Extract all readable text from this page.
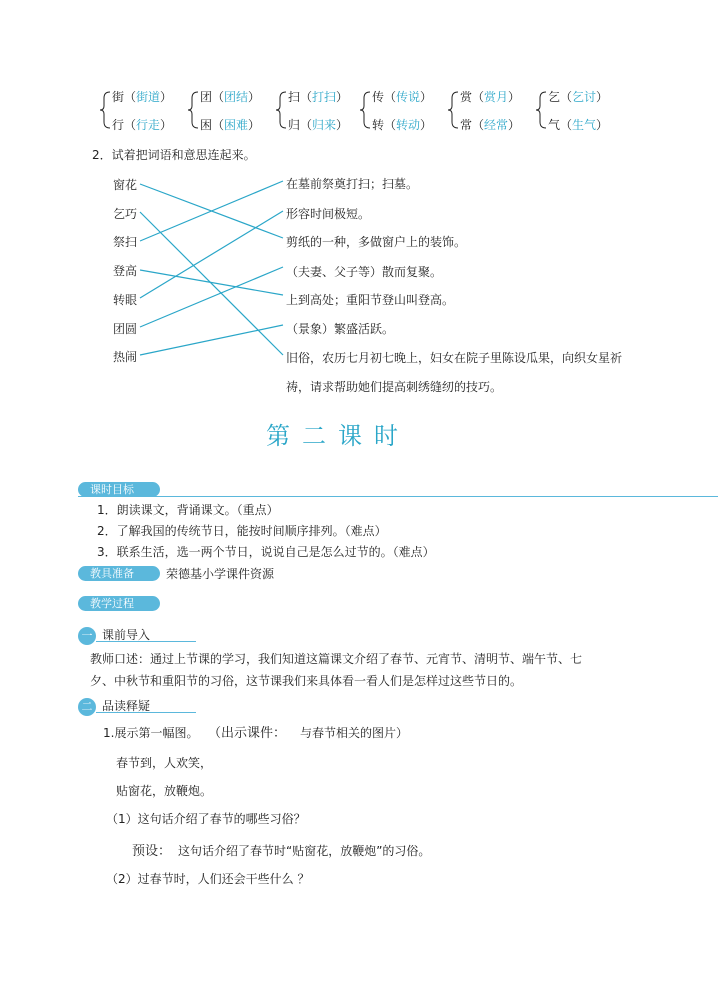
街（街道）
行（行走）
团（团结）
困（困难）
扫（打扫）
归（归来）
传（传说）
转（转动）
赏（赏月）
常（经常）
乞（乞讨）
气（生气）
2．试着把词语和意思连起来。
窗花
乞巧
祭扫
登高
转眼
团圆
热闹
在墓前祭奠打扫；扫墓。
形容时间极短。
剪纸的一种，多做窗户上的装饰。
（夫妻、父子等）散而复聚。
上到高处；重阳节登山叫登高。
（景象）繁盛活跃。
旧俗，农历七月初七晚上，妇女在院子里陈设瓜果，向织女星祈
祷，请求帮助她们提高刺绣缝纫的技巧。
第二课时
课时目标
1．朗读课文，背诵课文。（重点）
2．了解我国的传统节日，能按时间顺序排列。（难点）
3．联系生活，选一两个节日，说说自己是怎么过节的。（难点）
教具准备	荣德基小学课件资源
教学过程
一 课前导入
教师口述：通过上节课的学习，我们知道这篇课文介绍了春节、元宵节、清明节、端午节、七
夕、中秋节和重阳节的习俗，这节课我们来具体看一看人们是怎样过这些节日的。
二 品读释疑
1.展示第一幅图。 （出示课件： 与春节相关的图片）
春节到，人欢笑，
贴窗花，放鞭炮。
（1）这句话介绍了春节的哪些习俗？
预设： 这句话介绍了春节时“贴窗花，放鞭炮”的习俗。
（2）过春节时，人们还会干些什么 ？
